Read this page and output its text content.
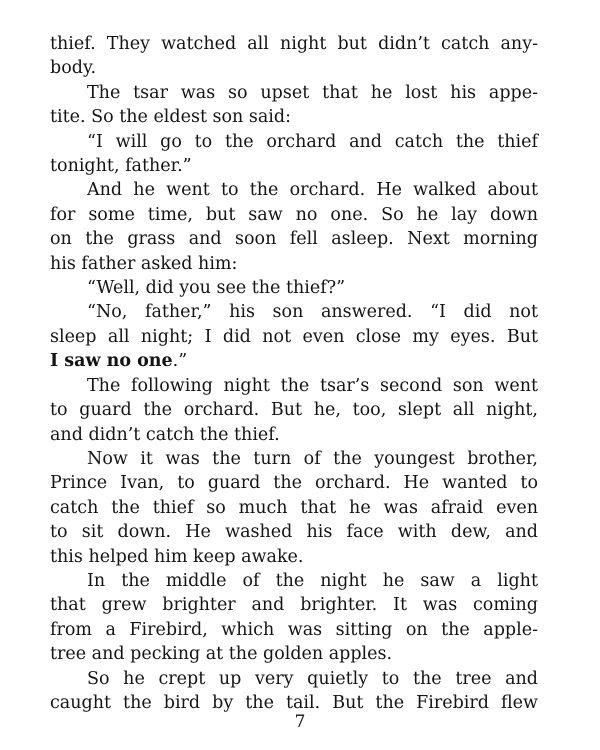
thief. They watched all night but didn’t catch any-
body.
The tsar was so upset that he lost his appe-
tite. So the eldest son said:
“I will go to the orchard and catch the thief
tonight, father.”
And he went to the orchard. He walked about
for some time, but saw no one. So he lay down
on the grass and soon fell asleep. Next morning
his father asked him:
“Well, did you see the thief?”
“No, father,” his son answered. “I did not
sleep all night; I did not even close my eyes. But
I saw no one.”
The following night the tsar’s second son went
to guard the orchard. But he, too, slept all night,
and didn’t catch the thief.
Now it was the turn of the youngest brother,
Prince Ivan, to guard the orchard. He wanted to
catch the thief so much that he was afraid even
to sit down. He washed his face with dew, and
this helped him keep awake.
In the middle of the night he saw a light
that grew brighter and brighter. It was coming
from a Firebird, which was sitting on the apple-
tree and pecking at the golden apples.
So he crept up very quietly to the tree and
caught the bird by the tail. But the Firebird flew
7
